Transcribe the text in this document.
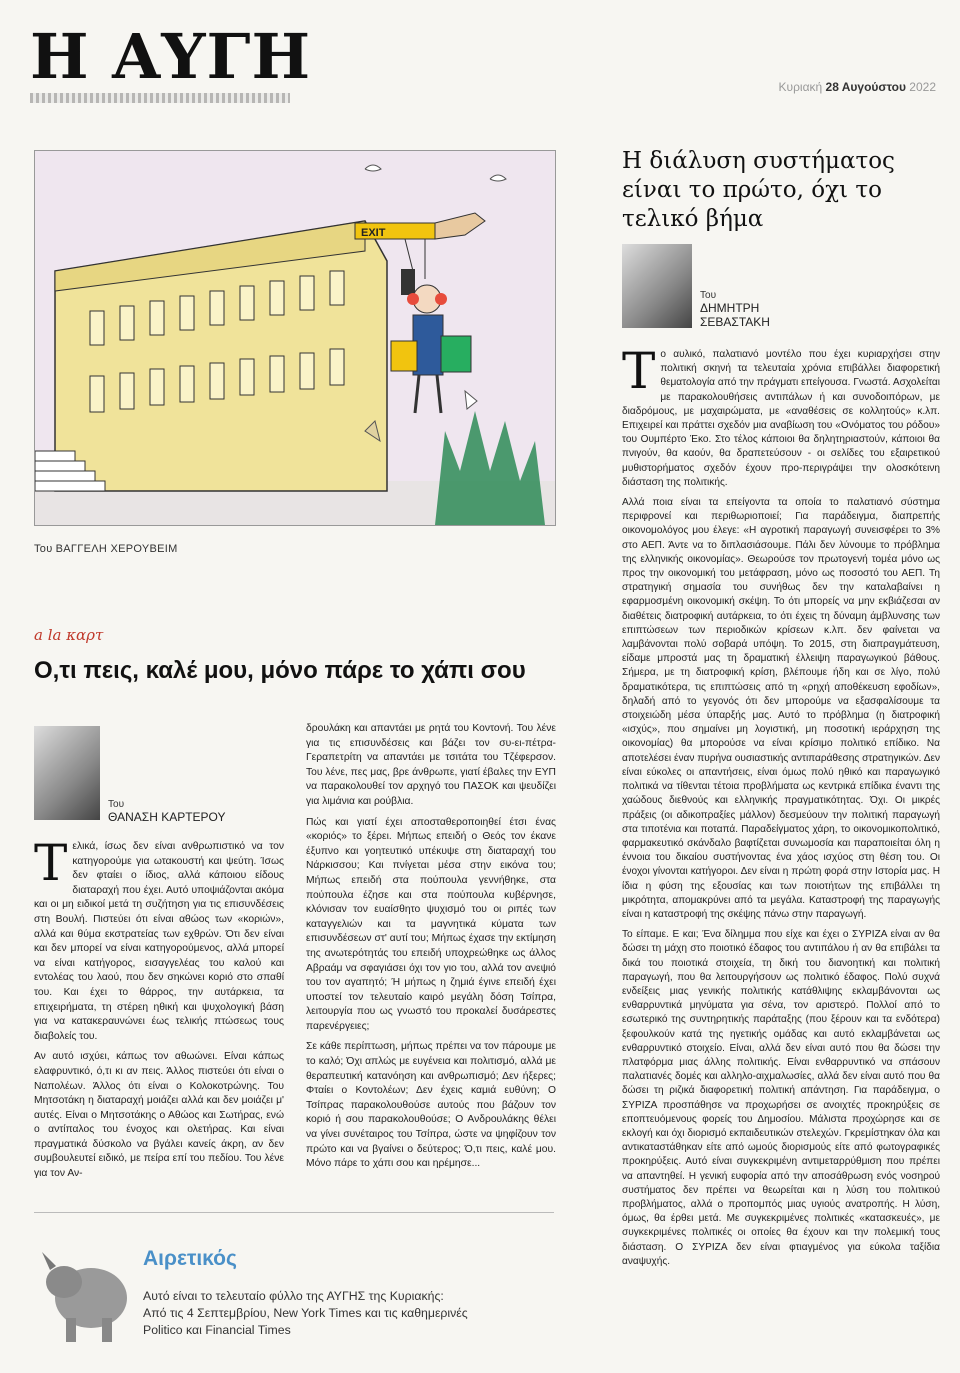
Η ΑΥΓΗ	Κυριακή 28 Αυγούστου 2022
EXIT
Του ΒΑΓΓΕΛΗ ΧΕΡΟΥΒΕΙΜ
a la καρτ
Ο,τι πεις, καλέ μου, μόνο πάρε το χάπι σου
Του
ΘΑΝΑΣΗ ΚΑΡΤΕΡΟΥ

Τελικά, ίσως δεν είναι ανθρωπιστικό να τον κατηγορούμε για ωτακουστή και ψεύτη. Ίσως δεν φταίει ο ίδιος, αλλά κάποιου είδους διαταραχή που έχει. Αυτό υποψιάζονται ακόμα και οι μη ειδικοί μετά τη συζήτηση για τις επισυνδέσεις στη Βουλή. Πιστεύει ότι είναι αθώος των «κοριών», αλλά και θύμα εκστρατείας των εχθρών. Ότι δεν είναι και δεν μπορεί να είναι κατηγορούμενος, αλλά μπορεί να είναι κατήγορος, εισαγγελέας του καλού και εντολέας του λαού, που δεν σηκώνει κοριό στο σπαθί του. Και έχει το θάρρος, την αυτάρκεια, τα επιχειρήματα, τη στέρεη ηθική και ψυχολογική βάση για να κατακεραυνώνει έως τελικής πτώσεως τους διαβολείς του.

Αν αυτό ισχύει, κάπως τον αθωώνει. Είναι κάπως ελαφρυντικό, ό,τι κι αν πεις. Άλλος πιστεύει ότι είναι ο Ναπολέων. Άλλος ότι είναι ο Κολοκοτρώνης. Του Μητσοτάκη η διαταραχή μοιάζει αλλά και δεν μοιάζει μ' αυτές. Είναι ο Μητσοτάκης ο Αθώος και Σωτήρας, ενώ ο αντίπαλος του ένοχος και ολετήρας. Και είναι πραγματικά δύσκολο να βγάλει κανείς άκρη, αν δεν συμβουλευτεί ειδικό, με πείρα επί του πεδίου. Του λένε για τον Αν-

δρουλάκη και απαντάει με ρητά του Κοντονή. Του λένε για τις επισυνδέσεις και βάζει τον συ-ει-πέτρα-Γεραπετρίτη να απαντάει με τσιτάτα του Τζέφερσον. Του λένε, πες μας, βρε άνθρωπε, γιατί έβαλες την ΕΥΠ να παρακολουθεί τον αρχηγό του ΠΑΣΟΚ και ψευδίζει για λιμάνια και ρούβλια.

Πώς και γιατί έχει αποσταθεροποιηθεί έτσι ένας «κοριός» το ξέρει. Μήπως επειδή ο Θεός τον έκανε έξυπνο και γοητευτικό υπέκυψε στη διαταραχή του Νάρκισσου; Και πνίγεται μέσα στην εικόνα του; Μήπως επειδή στα πούπουλα γεννήθηκε, στα πούπουλα έζησε και στα πούπουλα κυβέρνησε, κλόνισαν τον ευαίσθητο ψυχισμό του οι ριπές των καταγγελιών και τα μαγνητικά κύματα των επισυνδέσεων στ' αυτί του; Μήπως έχασε την εκτίμηση της ανωτερότητάς του επειδή υποχρεώθηκε ως άλλος Αβραάμ να σφαγιάσει όχι τον γιο του, αλλά τον ανεψιό του τον αγαπητό; Ή μήπως η ζημιά έγινε επειδή έχει υποστεί τον τελευταίο καιρό μεγάλη δόση Τσίπρα, λειτουργία που ως γνωστό του προκαλεί δυσάρεστες παρενέργειες;

Σε κάθε περίπτωση, μήπως πρέπει να τον πάρουμε με το καλό; Όχι απλώς με ευγένεια και πολιτισμό, αλλά με θεραπευτική κατανόηση και ανθρωπισμό; Δεν ήξερες; Φταίει ο Κοντολέων; Δεν έχεις καμιά ευθύνη; Ο Τσίπρας παρακολουθούσε αυτούς που βάζουν τον κοριό ή σου παρακολουθούσε; Ο Ανδρουλάκης θέλει να γίνει συνέταιρος του Τσίπρα, ώστε να ψηφίζουν τον πρώτο και να βγαίνει ο δεύτερος; Ό,τι πεις, καλέ μου. Μόνο πάρε το χάπι σου και ηρέμησε...

Αιρετικός
Αυτό είναι το τελευταίο φύλλο της ΑΥΓΗΣ της Κυριακής:
Από τις 4 Σεπτεμβρίου, New York Times και τις καθημερινές
Politico και Financial Times
Η διάλυση συστήματος είναι το πρώτο, όχι το τελικό βήμα
Του
ΔΗΜΗΤΡΗ
ΣΕΒΑΣΤΑΚΗ

Το αυλικό, παλατιανό μοντέλο που έχει κυριαρχήσει στην πολιτική σκηνή τα τελευταία χρόνια επιβάλλει διαφορετική θεματολογία από την πράγματι επείγουσα. Γνωστά. Ασχολείται με παρακολουθήσεις αντιπάλων ή και συνοδοιπόρων, με διαδρόμους, με μαχαιρώματα, με «αναθέσεις σε κολλητούς» κ.λπ. Επιχειρεί και πράττει σχεδόν μια αναβίωση του «Ονόματος του ρόδου» του Ουμπέρτο Έκο. Στο τέλος κάποιοι θα δηλητηριαστούν, κάποιοι θα πνιγούν, θα καούν, θα δραπετεύσουν - οι σελίδες του εξαιρετικού μυθιστορήματος σχεδόν έχουν προ-περιγράψει την ολοσκότεινη διάσταση της πολιτικής.

Αλλά ποια είναι τα επείγοντα τα οποία το παλατιανό σύστημα περιφρονεί και περιθωριοποιεί; Για παράδειγμα, διαπρεπής οικονομολόγος μου έλεγε: «Η αγροτική παραγωγή συνεισφέρει το 3% στο ΑΕΠ. Άντε να το διπλασιάσουμε. Πάλι δεν λύνουμε το πρόβλημα της ελληνικής οικονομίας». Θεωρούσε τον πρωτογενή τομέα μόνο ως προς την οικονομική του μετάφραση, μόνο ως ποσοστό του ΑΕΠ. Τη στρατηγική σημασία του συνήθως δεν την καταλαβαίνει η εφαρμοσμένη οικονομική σκέψη. Το ότι μπορείς να μην εκβιάζεσαι αν διαθέτεις διατροφική αυτάρκεια, το ότι έχεις τη δύναμη άμβλυνσης των επιπτώσεων των περιοδικών κρίσεων κ.λπ. δεν φαίνεται να λαμβάνονται πολύ σοβαρά υπόψη. Το 2015, στη διαπραγμάτευση, είδαμε μπροστά μας τη δραματική έλλειψη παραγωγικού βάθους. Σήμερα, με τη διατροφική κρίση, βλέπουμε ήδη και σε λίγο, πολύ δραματικότερα, τις επιπτώσεις από τη «ρηχή αποθέκευση εφοδίων», δηλαδή από το γεγονός ότι δεν μπορούμε να εξασφαλίσουμε τα στοιχειώδη μέσα ύπαρξής μας. Αυτό το πρόβλημα (η διατροφική «ισχύς», που σημαίνει μη λογιστική, μη ποσοτική ιεράρχηση της οικονομίας) θα μπορούσε να είναι κρίσιμο πολιτικό επίδικο. Να αποτελέσει έναν πυρήνα ουσιαστικής αντιπαράθεσης στρατηγικών. Δεν είναι εύκολες οι απαντήσεις, είναι όμως πολύ ηθικό και παραγωγικό πολιτικά να τίθενται τέτοια προβλήματα ως κεντρικά επίδικα έναντι της χαώδους διεθνούς και ελληνικής πραγματικότητας. Όχι. Οι μικρές πράξεις (οι αδικοπραξίες μάλλον) δεσμεύουν την πολιτική παραγωγή στα τιποτένια και ποταπά. Παραδείγματος χάρη, το οικονομικοπολιτικό, φαρμακευτικό σκάνδαλο βαφτίζεται συνωμοσία και παραποιείται όλη η έννοια του δικαίου συστήνοντας ένα χάος ισχύος στη θέση του. Οι ένοχοι γίνονται κατήγοροι. Δεν είναι η πρώτη φορά στην Ιστορία μας. Η ίδια η φύση της εξουσίας και των ποιοτήτων της επιβάλλει τη μικρότητα, απομακρύνει από τα μεγάλα. Καταστροφή της παραγωγής είναι η καταστροφή της σκέψης πάνω στην παραγωγή.

Το είπαμε. Ε και; Ένα δίλημμα που είχε και έχει ο ΣΥΡΙΖΑ είναι αν θα δώσει τη μάχη στο ποιοτικό έδαφος του αντιπάλου ή αν θα επιβάλει τα δικά του ποιοτικά στοιχεία, τη δική του διανοητική και πολιτική παραγωγή, που θα λειτουργήσουν ως πολιτικό έδαφος. Πολύ συχνά ενδείξεις μιας γενικής πολιτικής κατάθλιψης εκλαμβάνονται ως ενθαρρυντικά μηνύματα για σένα, τον αριστερό. Πολλοί από το εσωτερικό της συντηρητικής παράταξης (που ξέρουν και τα ενδότερα) ξεφουλκούν κατά της ηγετικής ομάδας και αυτό εκλαμβάνεται ως ενθαρρυντικό στοιχείο. Είναι, αλλά δεν είναι αυτό που θα δώσει την πλατφόρμα μιας άλλης πολιτικής. Είναι ενθαρρυντικό να σπάσουν παλατιανές δομές και αλληλο-αιχμαλωσίες, αλλά δεν είναι αυτό που θα δώσει τη ριζικά διαφορετική πολιτική απάντηση. Για παράδειγμα, ο ΣΥΡΙΖΑ προσπάθησε να προχωρήσει σε ανοιχτές προκηρύξεις σε εποπτευόμενους φορείς του Δημοσίου. Μάλιστα προχώρησε και σε εκλογή και όχι διορισμό εκπαιδευτικών στελεχών. Γκρεμίστηκαν όλα και αντικαταστάθηκαν είτε από ωμούς διορισμούς είτε από φωτογραφικές προκηρύξεις. Αυτό είναι συγκεκριμένη αντιμεταρρύθμιση που πρέπει να απαντηθεί. Η γενική ευφορία από την αποσάθρωση ενός νοσηρού συστήματος δεν πρέπει να θεωρείται και η λύση του πολιτικού προβλήματος, αλλά ο προπομπός μιας υγιούς ανατροπής. Η λύση, όμως, θα έρθει μετά. Με συγκεκριμένες πολιτικές «κατασκευές», με συγκεκριμένες πολιτικές οι οποίες θα έχουν και την πολεμική τους διάσταση. Ο ΣΥΡΙΖΑ δεν είναι φτιαγμένος για εύκολα ταξίδια αναψυχής.
